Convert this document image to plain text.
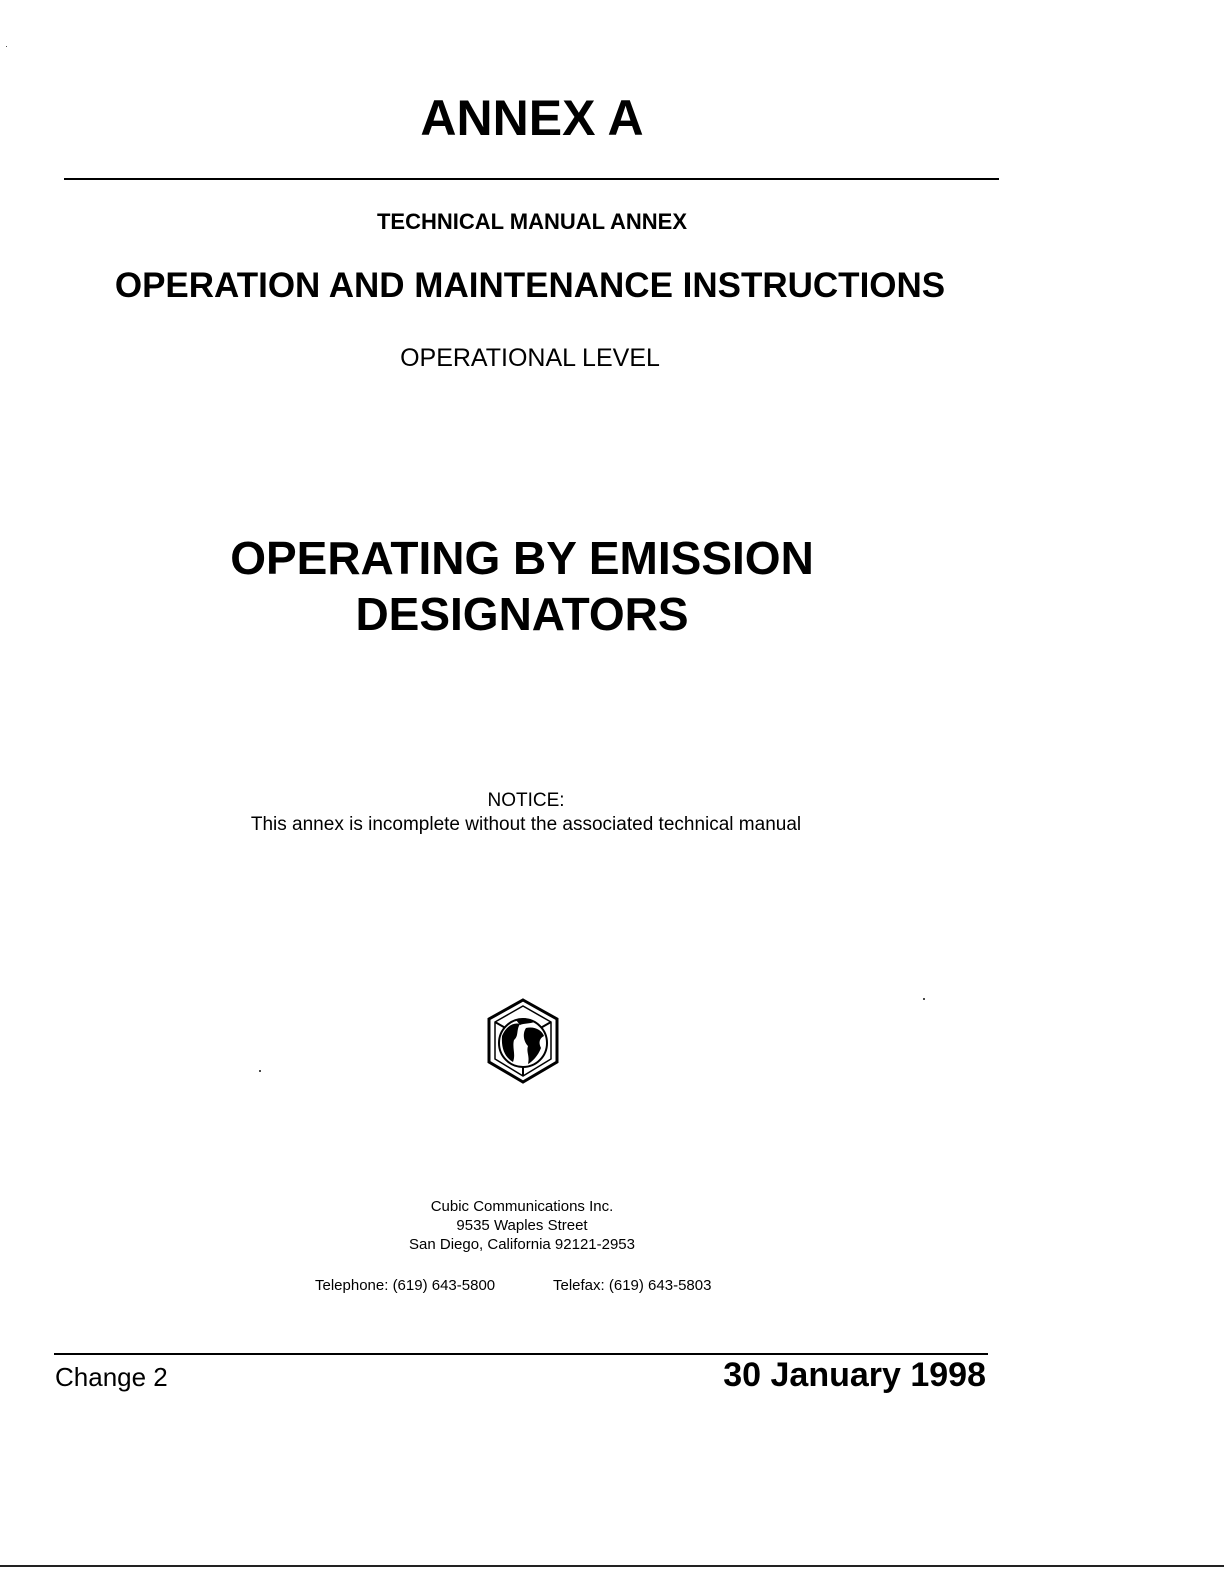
ANNEX A
TECHNICAL MANUAL ANNEX
OPERATION AND MAINTENANCE INSTRUCTIONS
OPERATIONAL LEVEL
OPERATING BY EMISSION
DESIGNATORS
NOTICE:
This annex is incomplete without the associated technical manual
Cubic Communications Inc.
9535 Waples Street
San Diego, California 92121-2953
Telephone: (619) 643-5800	Telefax: (619) 643-5803
Change 2	30 January 1998
